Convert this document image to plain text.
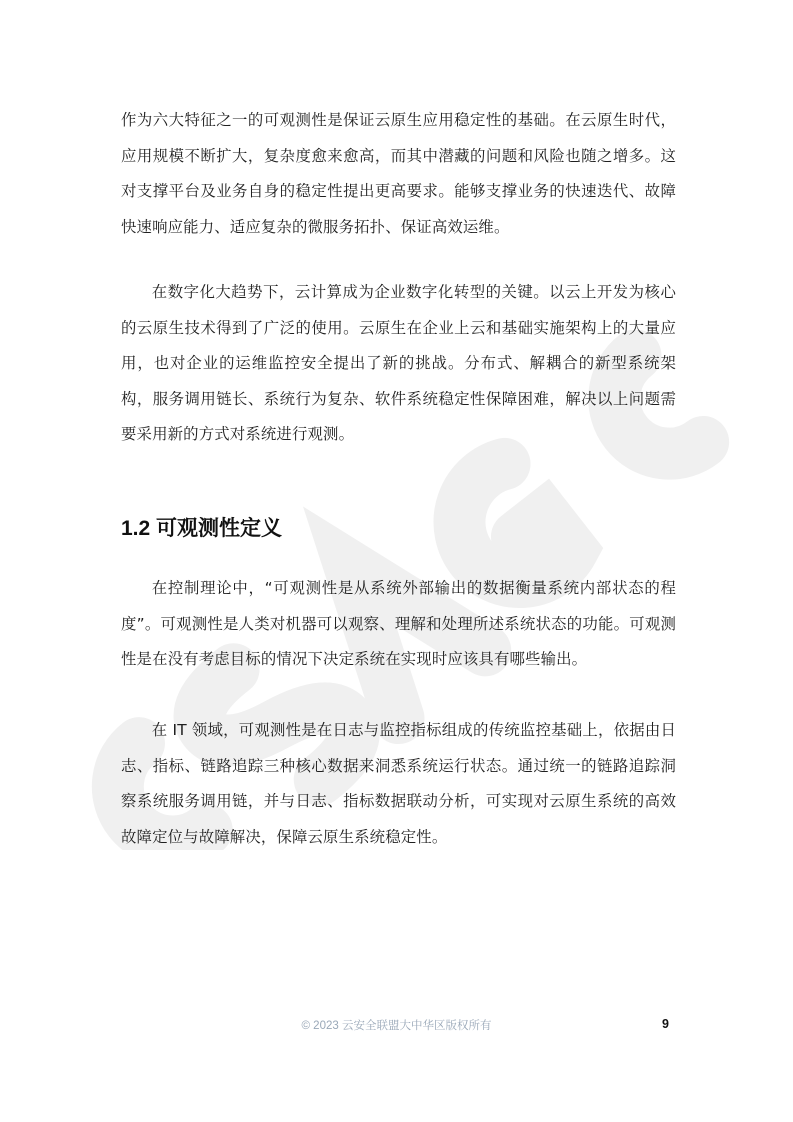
作为六大特征之一的可观测性是保证云原生应用稳定性的基础。在云原生时代，应用规模不断扩大，复杂度愈来愈高，而其中潜藏的问题和风险也随之增多。这对支撑平台及业务自身的稳定性提出更高要求。能够支撑业务的快速迭代、故障快速响应能力、适应复杂的微服务拓扑、保证高效运维。

在数字化大趋势下，云计算成为企业数字化转型的关键。以云上开发为核心的云原生技术得到了广泛的使用。云原生在企业上云和基础实施架构上的大量应用，也对企业的运维监控安全提出了新的挑战。分布式、解耦合的新型系统架构，服务调用链长、系统行为复杂、软件系统稳定性保障困难，解决以上问题需要采用新的方式对系统进行观测。

1.2 可观测性定义

在控制理论中，“可观测性是从系统外部输出的数据衡量系统内部状态的程度”。可观测性是人类对机器可以观察、理解和处理所述系统状态的功能。可观测性是在没有考虑目标的情况下决定系统在实现时应该具有哪些输出。

在 IT 领域，可观测性是在日志与监控指标组成的传统监控基础上，依据由日志、指标、链路追踪三种核心数据来洞悉系统运行状态。通过统一的链路追踪洞察系统服务调用链，并与日志、指标数据联动分析，可实现对云原生系统的高效故障定位与故障解决，保障云原生系统稳定性。

© 2023 云安全联盟大中华区版权所有	9
